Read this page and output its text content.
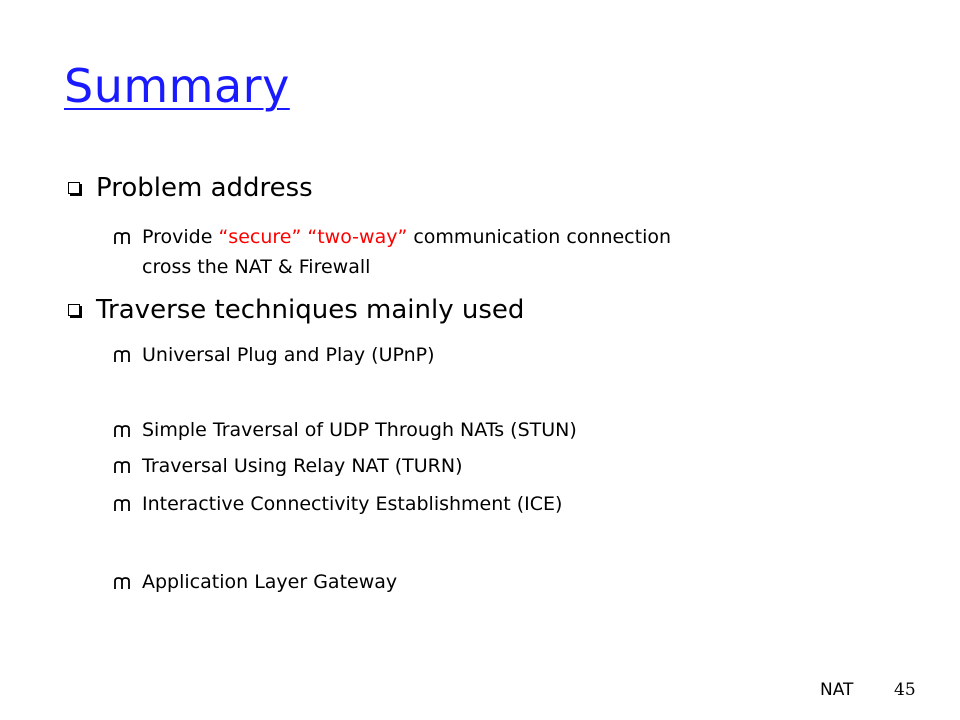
Summary
Problem address
Provide “secure” “two-way” communication connection
cross the NAT & Firewall
Traverse techniques mainly used
Universal Plug and Play (UPnP)
Simple Traversal of UDP Through NATs (STUN)
Traversal Using Relay NAT (TURN)
Interactive Connectivity Establishment (ICE)
Application Layer Gateway
NAT 45
